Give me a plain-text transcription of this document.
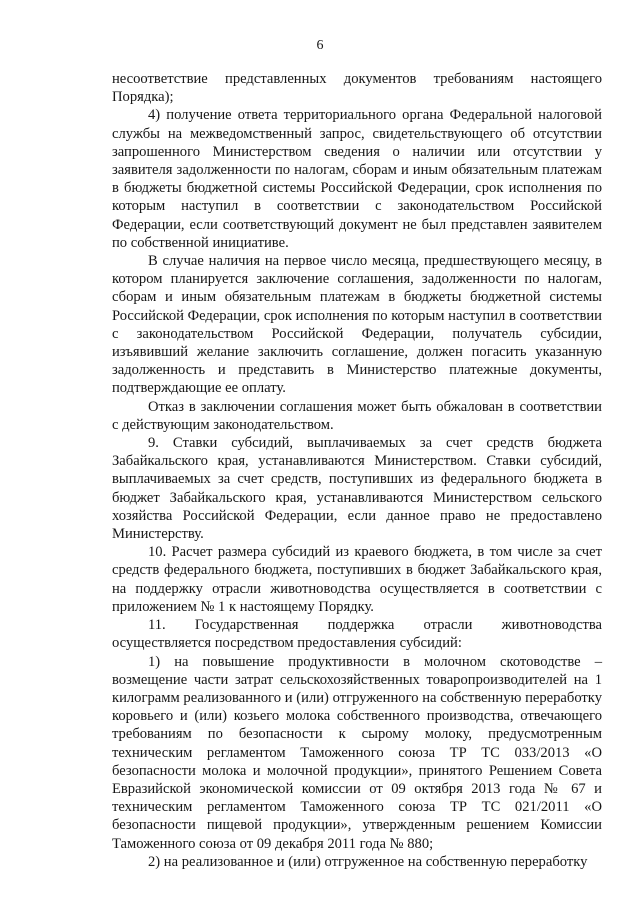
6

несоответствие представленных документов требованиям настоящего Порядка);

4) получение ответа территориального органа Федеральной налоговой службы на межведомственный запрос, свидетельствующего об отсутствии запрошенного Министерством сведения о наличии или отсутствии у заявителя задолженности по налогам, сборам и иным обязательным платежам в бюджеты бюджетной системы Российской Федерации, срок исполнения по которым наступил в соответствии с законодательством Российской Федерации, если соответствующий документ не был представлен заявителем по собственной инициативе.

В случае наличия на первое число месяца, предшествующего месяцу, в котором планируется заключение соглашения, задолженности по налогам, сборам и иным обязательным платежам в бюджеты бюджетной системы Российской Федерации, срок исполнения по которым наступил в соответствии с законодательством Российской Федерации, получатель субсидии, изъявивший желание заключить соглашение, должен погасить указанную задолженность и представить в Министерство платежные документы, подтверждающие ее оплату.

Отказ в заключении соглашения может быть обжалован в соответствии с действующим законодательством.

9. Ставки субсидий, выплачиваемых за счет средств бюджета Забайкальского края, устанавливаются Министерством. Ставки субсидий, выплачиваемых за счет средств, поступивших из федерального бюджета в бюджет Забайкальского края, устанавливаются Министерством сельского хозяйства Российской Федерации, если данное право не предоставлено Министерству.

10. Расчет размера субсидий из краевого бюджета, в том числе за счет средств федерального бюджета, поступивших в бюджет Забайкальского края, на поддержку отрасли животноводства осуществляется в соответствии с приложением № 1 к настоящему Порядку.

11. Государственная поддержка отрасли животноводства осуществляется посредством предоставления субсидий:

1) на повышение продуктивности в молочном скотоводстве – возмещение части затрат сельскохозяйственных товаропроизводителей на 1 килограмм реализованного и (или) отгруженного на собственную переработку коровьего и (или) козьего молока собственного производства, отвечающего требованиям по безопасности к сырому молоку, предусмотренным техническим регламентом Таможенного союза ТР ТС 033/2013 «О безопасности молока и молочной продукции», принятого Решением Совета Евразийской экономической комиссии от 09 октября 2013 года № 67 и техническим регламентом Таможенного союза ТР ТС 021/2011 «О безопасности пищевой продукции», утвержденным решением Комиссии Таможенного союза от 09 декабря 2011 года № 880;

2) на реализованное и (или) отгруженное на собственную переработку
